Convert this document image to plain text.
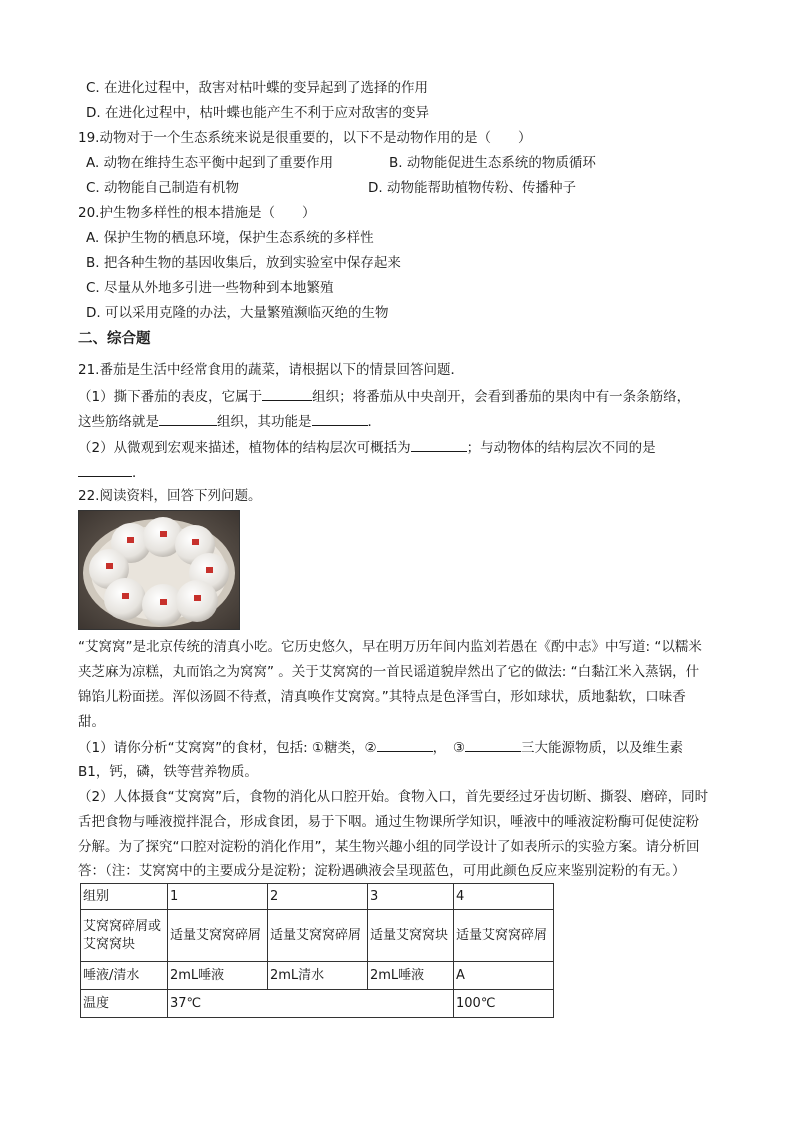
C. 在进化过程中，敌害对枯叶蝶的变异起到了选择的作用
D. 在进化过程中，枯叶蝶也能产生不利于应对敌害的变异
19.动物对于一个生态系统来说是很重要的，以下不是动物作用的是（　　）
A. 动物在维持生态平衡中起到了重要作用	B. 动物能促进生态系统的物质循环
C. 动物能自己制造有机物	D. 动物能帮助植物传粉、传播种子
20.护生物多样性的根本措施是（　　）
A. 保护生物的栖息环境，保护生态系统的多样性
B. 把各种生物的基因收集后，放到实验室中保存起来
C. 尽量从外地多引进一些物种到本地繁殖
D. 可以采用克隆的办法，大量繁殖濒临灭绝的生物
二、综合题
21.番茄是生活中经常食用的蔬菜，请根据以下的情景回答问题．
（1）撕下番茄的表皮，它属于	组织；将番茄从中央剖开，会看到番茄的果肉中有一条条筋络，
这些筋络就是	组织，其功能是	．
（2）从微观到宏观来描述，植物体的结构层次可概括为	；与动物体的结构层次不同的是
．
22.阅读资料，回答下列问题。
“艾窝窝”是北京传统的清真小吃。它历史悠久，早在明万历年间内监刘若愚在《酌中志》中写道: “以糯米
夹芝麻为凉糕，丸而馅之为窝窝” 。关于艾窝窝的一首民谣道貌岸然出了它的做法: “白黏江米入蒸锅，什
锦馅儿粉面搓。浑似汤圆不待煮，清真唤作艾窝窝。”其特点是色泽雪白，形如球状，质地黏软，口味香
甜。
（1）请你分析“艾窝窝”的食材，包括: ①糖类，②	，　③	三大能源物质，以及维生素
B1，钙，磷，铁等营养物质。
（2）人体摄食“艾窝窝”后，食物的消化从口腔开始。食物入口，首先要经过牙齿切断、撕裂、磨碎，同时
舌把食物与唾液搅拌混合，形成食团，易于下咽。通过生物课所学知识，唾液中的唾液淀粉酶可促使淀粉
分解。为了探究“口腔对淀粉的消化作用”，某生物兴趣小组的同学设计了如表所示的实验方案。请分析回
答：（注：艾窝窝中的主要成分是淀粉；淀粉遇碘液会呈现蓝色，可用此颜色反应来鉴别淀粉的有无。）
组别	1	2	3	4
艾窝窝碎屑或艾窝窝块	适量艾窝窝碎屑	适量艾窝窝碎屑	适量艾窝窝块	适量艾窝窝碎屑
唾液/清水	2mL唾液	2mL清水	2mL唾液	A
温度	37℃			100℃
